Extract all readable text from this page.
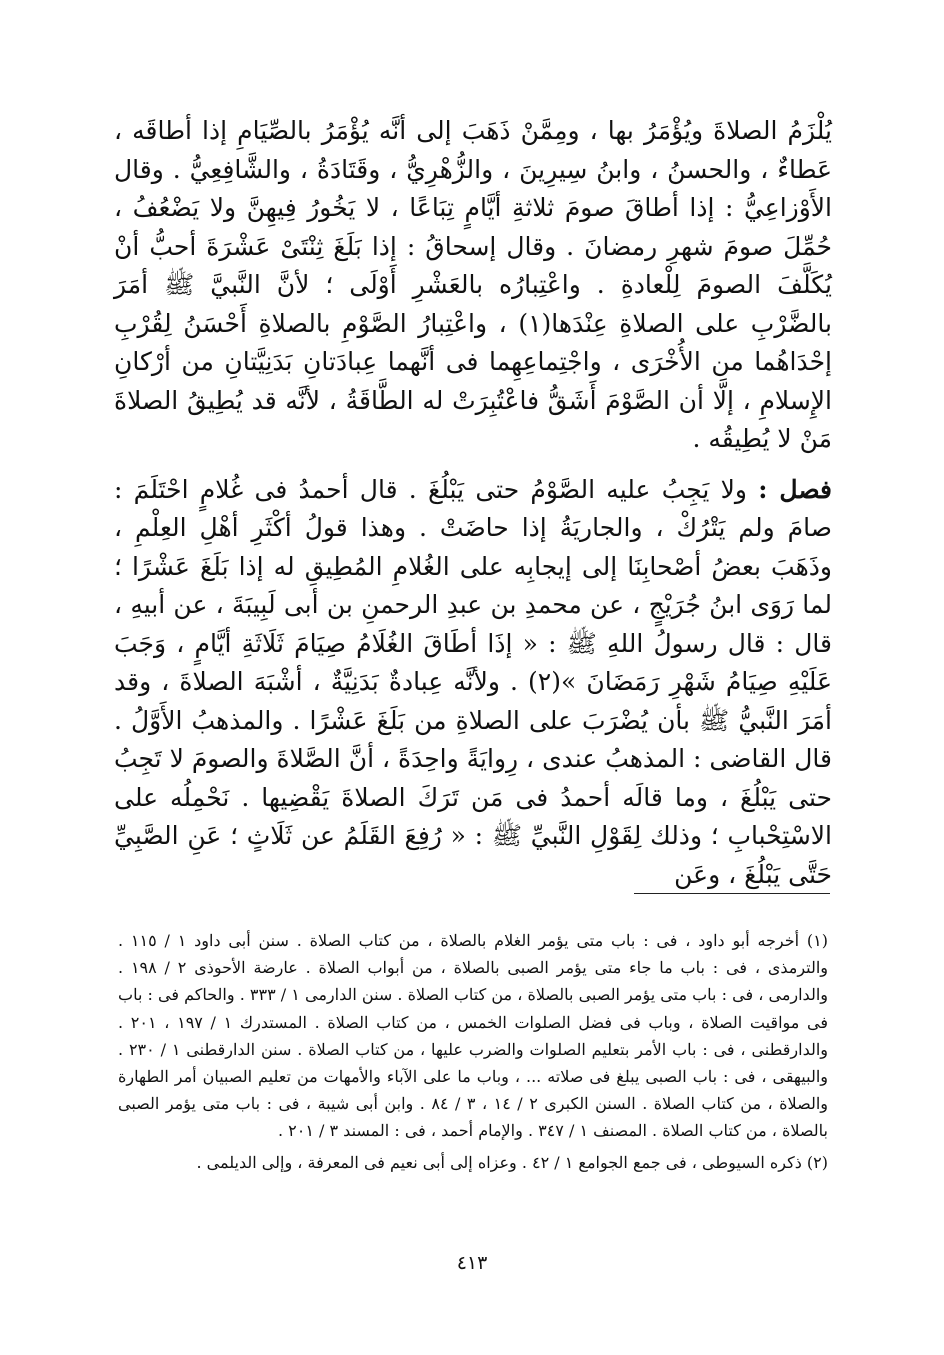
يُلْزَمُ الصلاةَ ويُؤْمَرُ بها ، ومِمَّنْ ذَهَبَ إلى أنَّه يُؤْمَرُ بالصِّيَامِ إذا أطاقَه ، عَطاءٌ ، والحسنُ ، وابنُ سِيرِينَ ، والزُّهْرِيُّ ، وقَتَادَةُ ، والشَّافِعِيُّ . وقال الأَوْزاعِيُّ : إذا أطاقَ صومَ ثلاثةِ أيَّامٍ تِبَاعًا ، لا يَخُورُ فِيهِنَّ ولا يَضْعُفُ ، حُمِّلَ صومَ شهرِ رمضانَ . وقال إسحاقُ : إذا بَلَغَ ثِنْتَىْ عَشْرَةَ أحبُّ أنْ يُكَلَّفَ الصومَ لِلْعادةِ . واعْتِبارُه بالعَشْرِ أَوْلَى ؛ لأنَّ النَّبيَّ ﷺ أمَرَ بالضَّرْبِ على الصلاةِ عِنْدَها(١) ، واعْتِبارُ الصَّوْمِ بالصلاةِ أَحْسَنُ لِقُرْبِ إحْدَاهُما من الأُخْرَى ، واجْتِماعِهِما فى أنَّهما عِبادَتانِ بَدَنِيَّتانِ من أرْكانِ الإِسلامِ ، إلَّا أن الصَّوْمَ أَشَقُّ فاعْتُبِرَتْ له الطَّاقَةُ ، لأنَّه قد يُطِيقُ الصلاةَ مَنْ لا يُطِيقُه .

فصل : ولا يَجِبُ عليه الصَّوْمُ حتى يَبْلُغَ . قال أحمدُ فى غُلامٍ احْتَلَمَ : صامَ ولم يَتْرُكْ ، والجاريَةُ إذا حاضَتْ . وهذا قولُ أكْثَرِ أهْلِ العِلْمِ ، وذَهَبَ بعضُ أصْحابِنَا إلى إيجابِه على الغُلامِ المُطِيقِ له إذا بَلَغَ عَشْرًا ؛ لما رَوَى ابنُ جُرَيْجٍ ، عن محمدِ بن عبدِ الرحمنِ بن أبى لَبِيبَةَ ، عن أبيهِ ، قال : قال رسولُ اللهِ ﷺ : « إذَا أطَاقَ الغُلَامُ صِيَامَ ثَلَاثَةِ أيَّامٍ ، وَجَبَ عَلَيْهِ صِيَامُ شَهْرِ رَمَضَانَ »(٢) . ولأنَّه عِبادةٌ بَدَنِيَّةٌ ، أشْبَهَ الصلاةَ ، وقد أمَرَ النَّبيُّ ﷺ بأن يُضْرَبَ على الصلاةِ من بَلَغَ عَشْرًا . والمذهبُ الأَوَّلُ . قال القاضى : المذهبُ عندى ، رِوايَةً واحِدَةً ، أنَّ الصَّلاةَ والصومَ لا تَجِبُ حتى يَبْلُغَ ، وما قالَه أحمدُ فى مَن تَرَكَ الصلاةَ يَقْضِيها . نَحْمِلُه على الاسْتِحْبابِ ؛ وذلك لِقَوْلِ النَّبيِّ ﷺ : « رُفِعَ القَلَمُ عن ثَلَاثٍ ؛ عَنِ الصَّبِيِّ حَتَّى يَبْلُغَ ، وعَن

(١) أخرجه أبو داود ، فى : باب متى يؤمر الغلام بالصلاة ، من كتاب الصلاة . سنن أبى داود ١ / ١١٥ . والترمذى ، فى : باب ما جاء متى يؤمر الصبى بالصلاة ، من أبواب الصلاة . عارضة الأحوذى ٢ / ١٩٨ . والدارمى ، فى : باب متى يؤمر الصبى بالصلاة ، من كتاب الصلاة . سنن الدارمى ١ / ٣٣٣ . والحاكم فى : باب فى مواقيت الصلاة ، وباب فى فضل الصلوات الخمس ، من كتاب الصلاة . المستدرك ١ / ١٩٧ ، ٢٠١ . والدارقطنى ، فى : باب الأمر بتعليم الصلوات والضرب عليها ، من كتاب الصلاة . سنن الدارقطنى ١ / ٢٣٠ . والبيهقى ، فى : باب الصبى يبلغ فى صلاته ... ، وباب ما على الآباء والأمهات من تعليم الصبيان أمر الطهارة والصلاة ، من كتاب الصلاة . السنن الكبرى ٢ / ١٤ ، ٣ / ٨٤ . وابن أبى شيبة ، فى : باب متى يؤمر الصبى بالصلاة ، من كتاب الصلاة . المصنف ١ / ٣٤٧ . والإمام أحمد ، فى : المسند ٣ / ٢٠١ .

(٢) ذكره السيوطى ، فى جمع الجوامع ١ / ٤٢ . وعزاه إلى أبى نعيم فى المعرفة ، وإلى الديلمى .

٤١٣
